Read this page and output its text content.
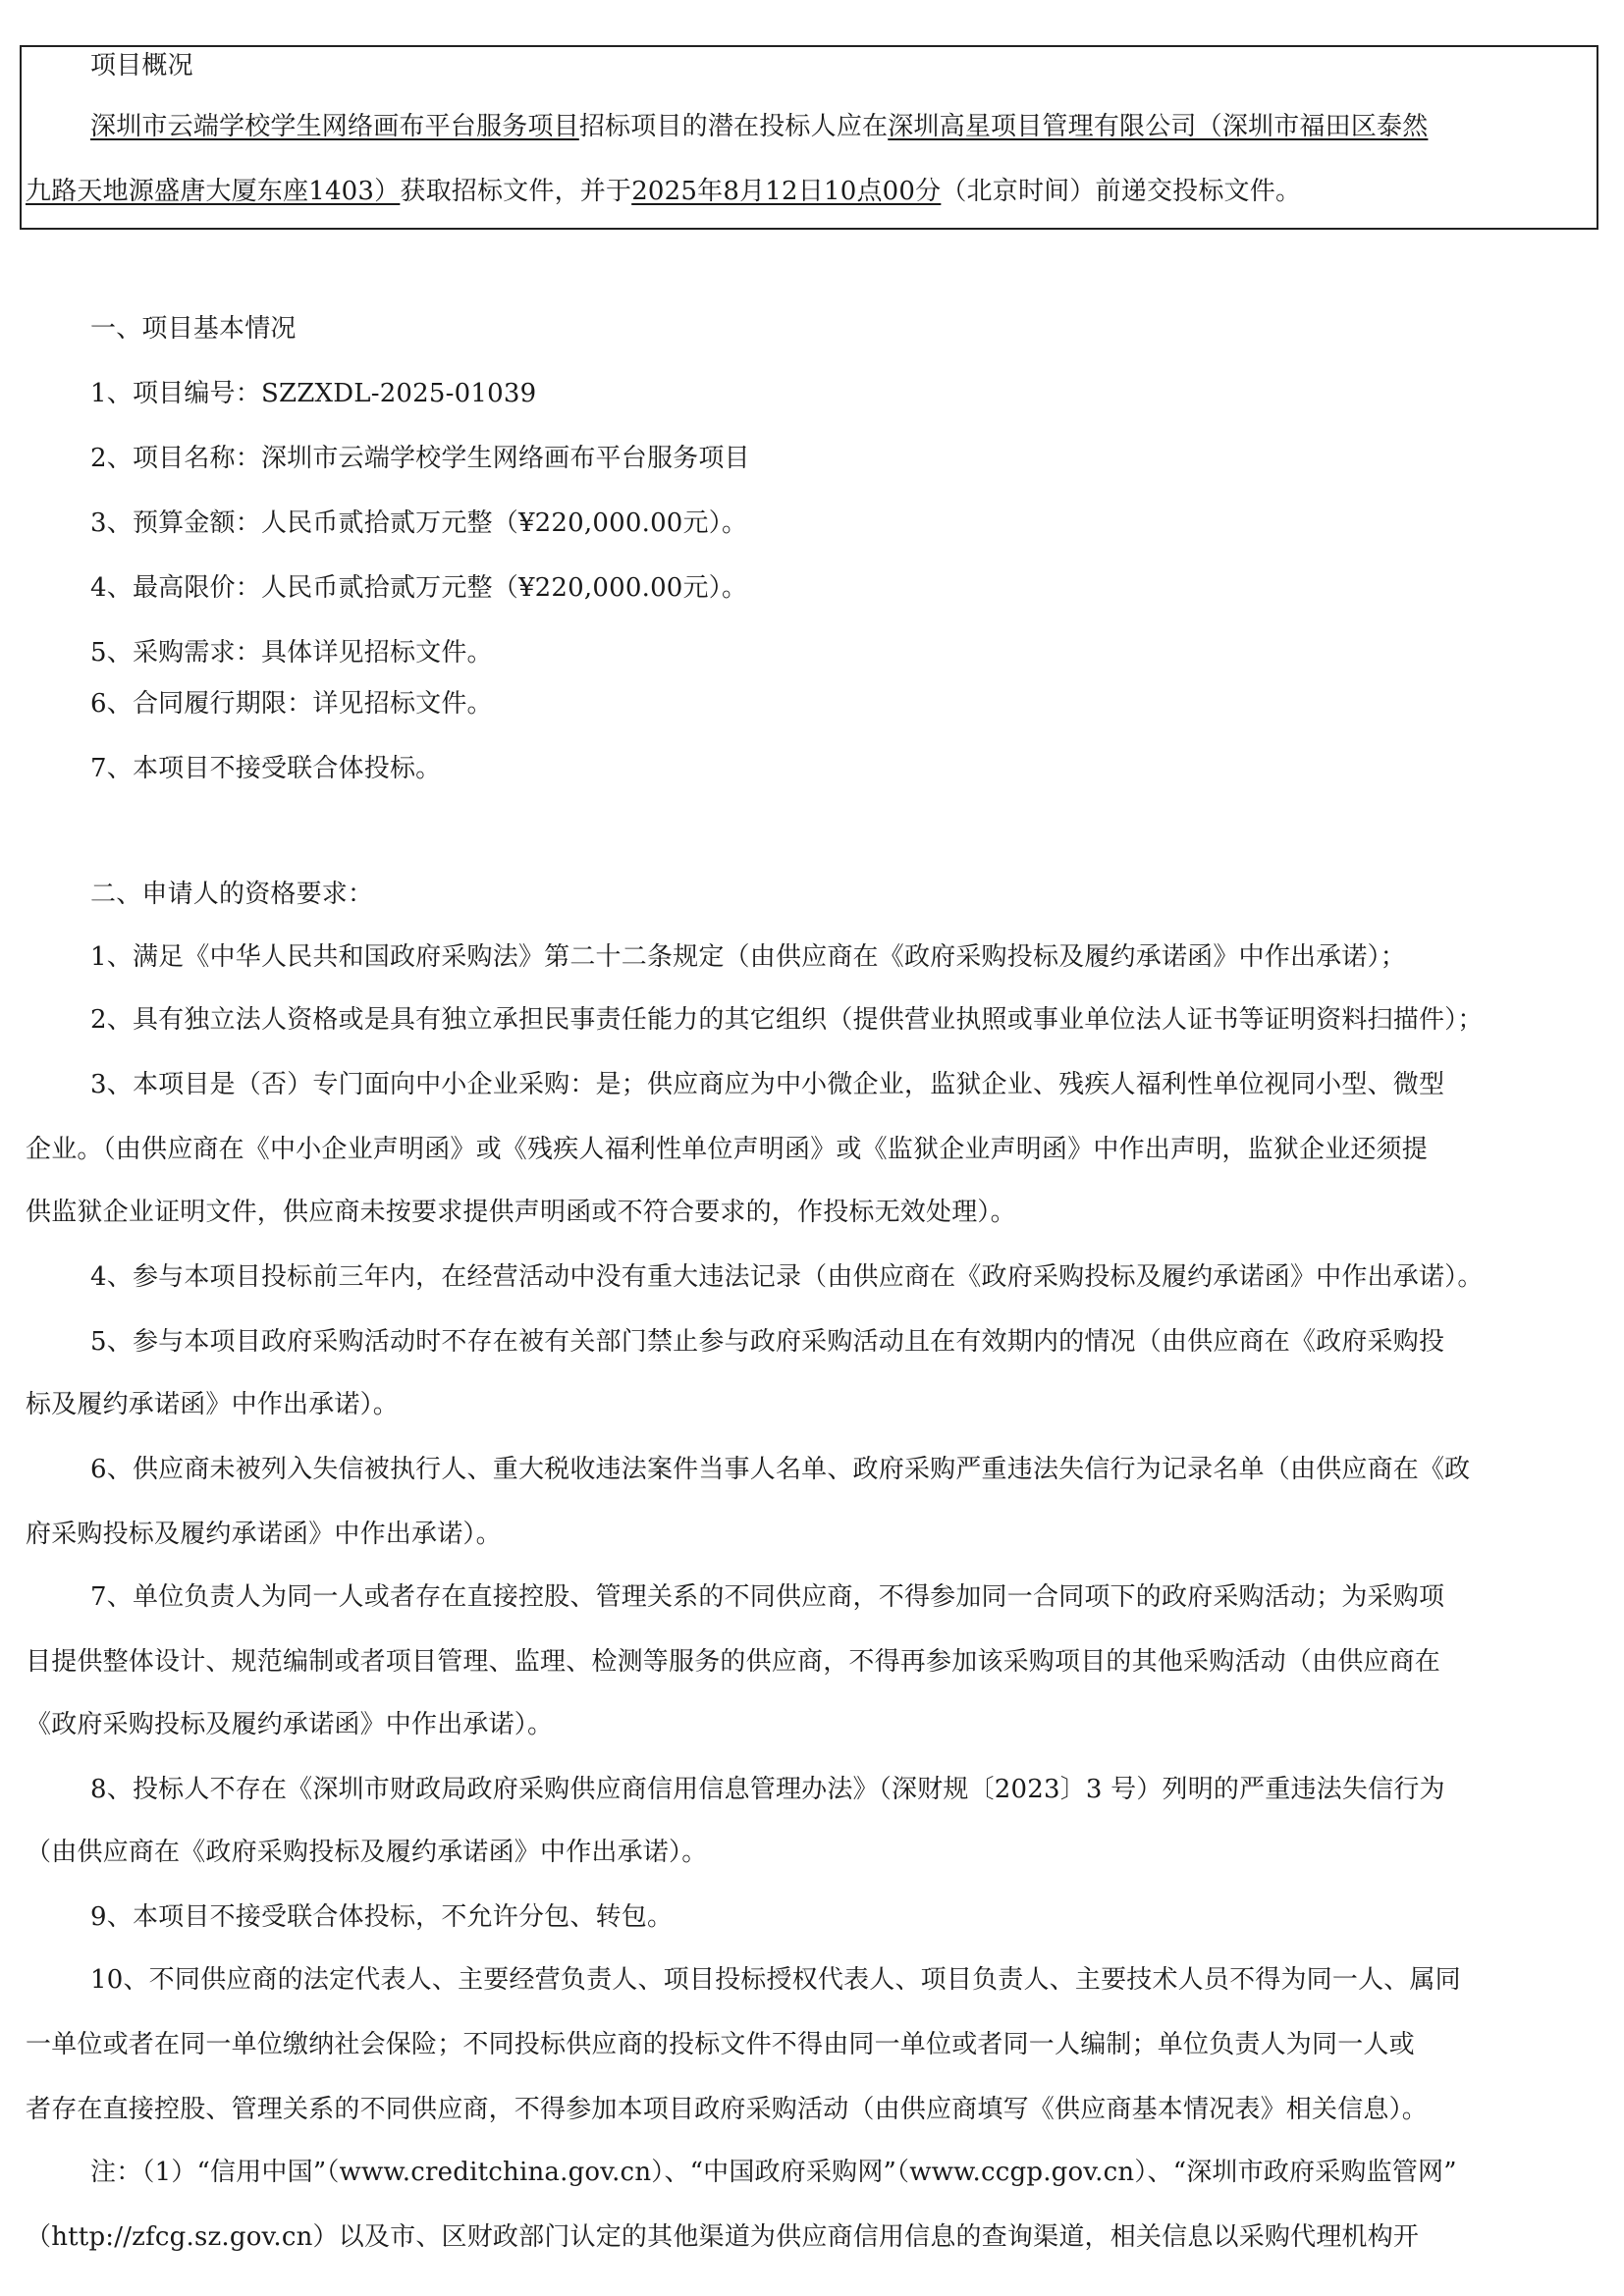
项目概况
深圳市云端学校学生网络画布平台服务项目招标项目的潜在投标人应在深圳高星项目管理有限公司（深圳市福田区泰然
九路天地源盛唐大厦东座1403）获取招标文件，并于2025年8月12日10点00分（北京时间）前递交投标文件。
一、项目基本情况
1、项目编号：SZZXDL-2025-01039
2、项目名称：深圳市云端学校学生网络画布平台服务项目
3、预算金额：人民币贰拾贰万元整（¥220,000.00元）。
4、最高限价：人民币贰拾贰万元整（¥220,000.00元）。
5、采购需求：具体详见招标文件。
6、合同履行期限：详见招标文件。
7、本项目不接受联合体投标。
二、申请人的资格要求：
1、满足《中华人民共和国政府采购法》第二十二条规定（由供应商在《政府采购投标及履约承诺函》中作出承诺）；
2、具有独立法人资格或是具有独立承担民事责任能力的其它组织（提供营业执照或事业单位法人证书等证明资料扫描件）；
3、本项目是（否）专门面向中小企业采购：是；供应商应为中小微企业，监狱企业、残疾人福利性单位视同小型、微型
企业。（由供应商在《中小企业声明函》或《残疾人福利性单位声明函》或《监狱企业声明函》中作出声明，监狱企业还须提
供监狱企业证明文件，供应商未按要求提供声明函或不符合要求的，作投标无效处理）。
4、参与本项目投标前三年内，在经营活动中没有重大违法记录（由供应商在《政府采购投标及履约承诺函》中作出承诺）。
5、参与本项目政府采购活动时不存在被有关部门禁止参与政府采购活动且在有效期内的情况（由供应商在《政府采购投
标及履约承诺函》中作出承诺）。
6、供应商未被列入失信被执行人、重大税收违法案件当事人名单、政府采购严重违法失信行为记录名单（由供应商在《政
府采购投标及履约承诺函》中作出承诺）。
7、单位负责人为同一人或者存在直接控股、管理关系的不同供应商，不得参加同一合同项下的政府采购活动；为采购项
目提供整体设计、规范编制或者项目管理、监理、检测等服务的供应商，不得再参加该采购项目的其他采购活动（由供应商在
《政府采购投标及履约承诺函》中作出承诺）。
8、投标人不存在《深圳市财政局政府采购供应商信用信息管理办法》（深财规〔2023〕3 号）列明的严重违法失信行为
（由供应商在《政府采购投标及履约承诺函》中作出承诺）。
9、本项目不接受联合体投标，不允许分包、转包。
10、不同供应商的法定代表人、主要经营负责人、项目投标授权代表人、项目负责人、主要技术人员不得为同一人、属同
一单位或者在同一单位缴纳社会保险；不同投标供应商的投标文件不得由同一单位或者同一人编制；单位负责人为同一人或
者存在直接控股、管理关系的不同供应商，不得参加本项目政府采购活动（由供应商填写《供应商基本情况表》相关信息）。
注：（1）“信用中国”（www.creditchina.gov.cn）、“中国政府采购网”（www.ccgp.gov.cn）、“深圳市政府采购监管网”
（http://zfcg.sz.gov.cn）以及市、区财政部门认定的其他渠道为供应商信用信息的查询渠道，相关信息以采购代理机构开
